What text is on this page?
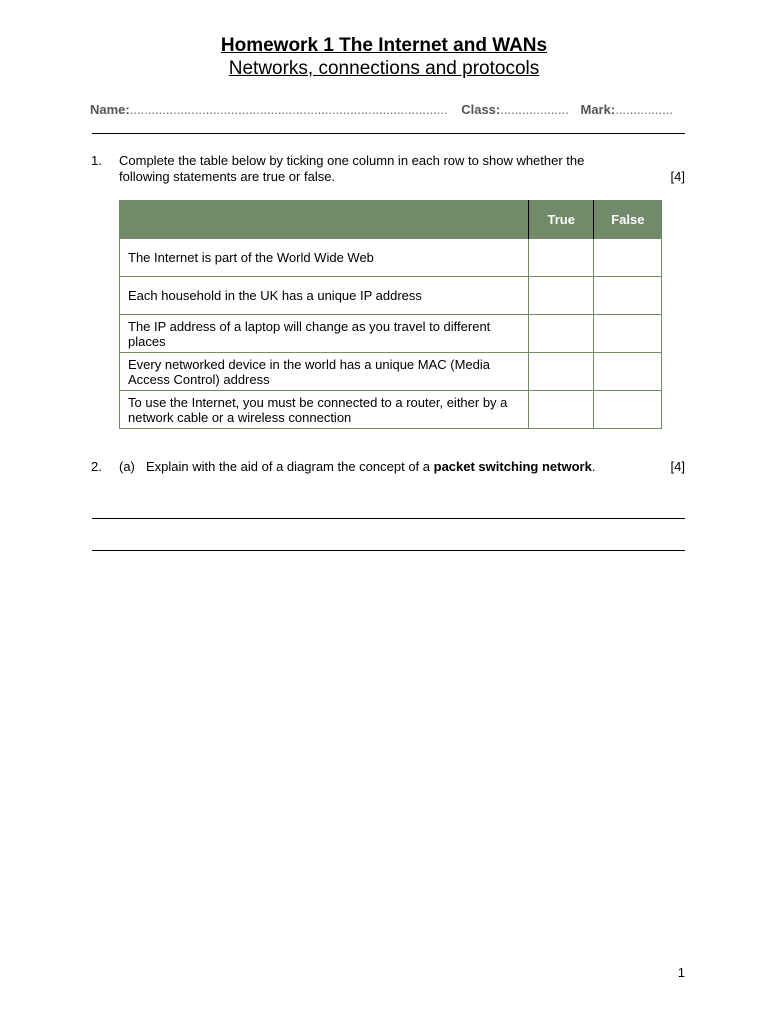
Homework 1 The Internet and WANs
Networks, connections and protocols
Name:........................................................................................ Class:................... Mark:................
1. Complete the table below by ticking one column in each row to show whether the
following statements are true or false.	[4]
	True	False
The Internet is part of the World Wide Web		
Each household in the UK has a unique IP address		
The IP address of a laptop will change as you travel to different places		
Every networked device in the world has a unique MAC (Media Access Control) address		
To use the Internet, you must be connected to a router, either by a network cable or a wireless connection		
2. (a) Explain with the aid of a diagram the concept of a packet switching network.	[4]
1
